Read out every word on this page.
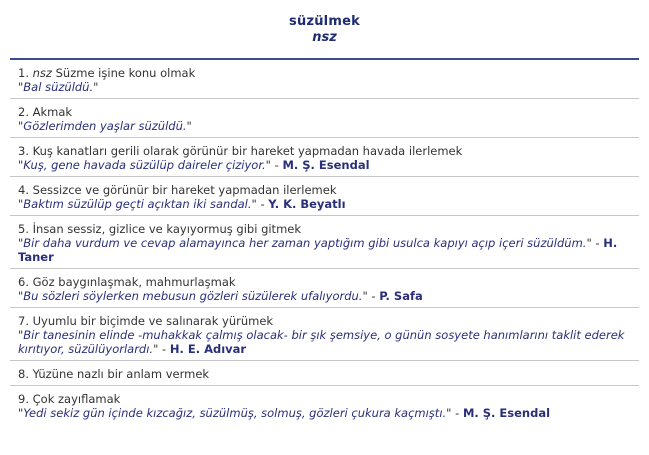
süzülmek
nsz
1. nsz Süzme işine konu olmak
"Bal süzüldü."
2. Akmak
"Gözlerimden yaşlar süzüldü."
3. Kuş kanatları gerili olarak görünür bir hareket yapmadan havada ilerlemek
"Kuş, gene havada süzülüp daireler çiziyor." - M. Ş. Esendal
4. Sessizce ve görünür bir hareket yapmadan ilerlemek
"Baktım süzülüp geçti açıktan iki sandal." - Y. K. Beyatlı
5. İnsan sessiz, gizlice ve kayıyormuş gibi gitmek
"Bir daha vurdum ve cevap alamayınca her zaman yaptığım gibi usulca kapıyı açıp içeri süzüldüm." - H. Taner
6. Göz baygınlaşmak, mahmurlaşmak
"Bu sözleri söylerken mebusun gözleri süzülerek ufalıyordu." - P. Safa
7. Uyumlu bir biçimde ve salınarak yürümek
"Bir tanesinin elinde -muhakkak çalmış olacak- bir şık şemsiye, o günün sosyete hanımlarını taklit ederek kırıtıyor, süzülüyorlardı." - H. E. Adıvar
8. Yüzüne nazlı bir anlam vermek
9. Çok zayıflamak
"Yedi sekiz gün içinde kızcağız, süzülmüş, solmuş, gözleri çukura kaçmıştı." - M. Ş. Esendal
